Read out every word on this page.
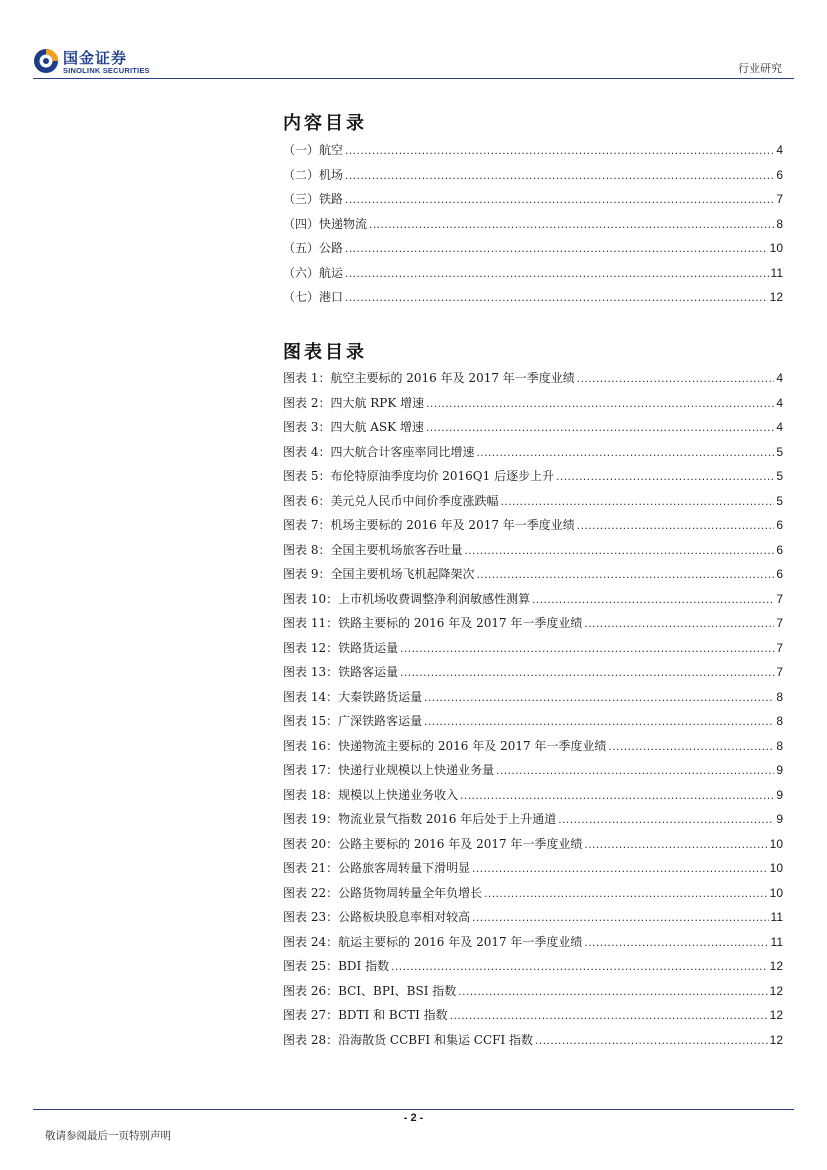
国金证券
SINOLINK SECURITIES	行业研究
内容目录
（一）航空 .....	4
（二）机场 .....	6
（三）铁路 .....	7
（四）快递物流 .....	8
（五）公路 .....	10
（六）航运 .....	11
（七）港口 .....	12
图表目录
图表 1：航空主要标的 2016 年及 2017 年一季度业绩 .....	4
图表 2：四大航 RPK 增速 .....	4
图表 3：四大航 ASK 增速 .....	4
图表 4：四大航合计客座率同比增速 .....	5
图表 5：布伦特原油季度均价 2016Q1 后逐步上升 .....	5
图表 6：美元兑人民币中间价季度涨跌幅 .....	5
图表 7：机场主要标的 2016 年及 2017 年一季度业绩 .....	6
图表 8：全国主要机场旅客吞吐量 .....	6
图表 9：全国主要机场飞机起降架次 .....	6
图表 10：上市机场收费调整净利润敏感性测算 .....	7
图表 11：铁路主要标的 2016 年及 2017 年一季度业绩 .....	7
图表 12：铁路货运量 .....	7
图表 13：铁路客运量 .....	7
图表 14：大秦铁路货运量 .....	8
图表 15：广深铁路客运量 .....	8
图表 16：快递物流主要标的 2016 年及 2017 年一季度业绩 .....	8
图表 17：快递行业规模以上快递业务量 .....	9
图表 18：规模以上快递业务收入 .....	9
图表 19：物流业景气指数 2016 年后处于上升通道 .....	9
图表 20：公路主要标的 2016 年及 2017 年一季度业绩 .....	10
图表 21：公路旅客周转量下滑明显 .....	10
图表 22：公路货物周转量全年负增长 .....	10
图表 23：公路板块股息率相对较高 .....	11
图表 24：航运主要标的 2016 年及 2017 年一季度业绩 .....	11
图表 25：BDI 指数 .....	12
图表 26：BCI、BPI、BSI 指数 .....	12
图表 27：BDTI 和 BCTI 指数 .....	12
图表 28：沿海散货 CCBFI 和集运 CCFI 指数 .....	12
- 2 -
敬请参阅最后一页特别声明
